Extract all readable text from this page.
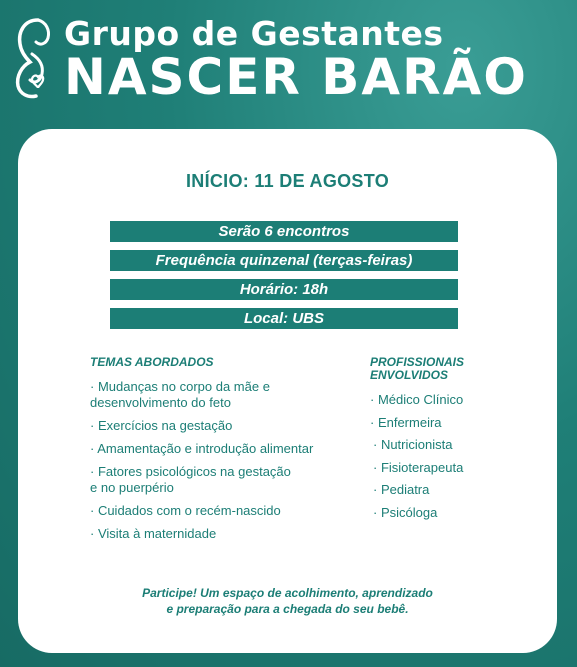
Grupo de Gestantes
NASCER BARÃO
INÍCIO: 11 DE AGOSTO
Serão 6 encontros
Frequência quinzenal (terças-feiras)
Horário: 18h
Local: UBS
TEMAS ABORDADOS
· Mudanças no corpo da mãe e
desenvolvimento do feto
· Exercícios na gestação
· Amamentação e introdução alimentar
· Fatores psicológicos na gestação
e no puerpério
· Cuidados com o recém-nascido
· Visita à maternidade
PROFISSIONAIS
ENVOLVIDOS
· Médico Clínico
· Enfermeira
· Nutricionista
· Fisioterapeuta
· Pediatra
· Psicóloga
Participe! Um espaço de acolhimento, aprendizado
e preparação para a chegada do seu bebê.
